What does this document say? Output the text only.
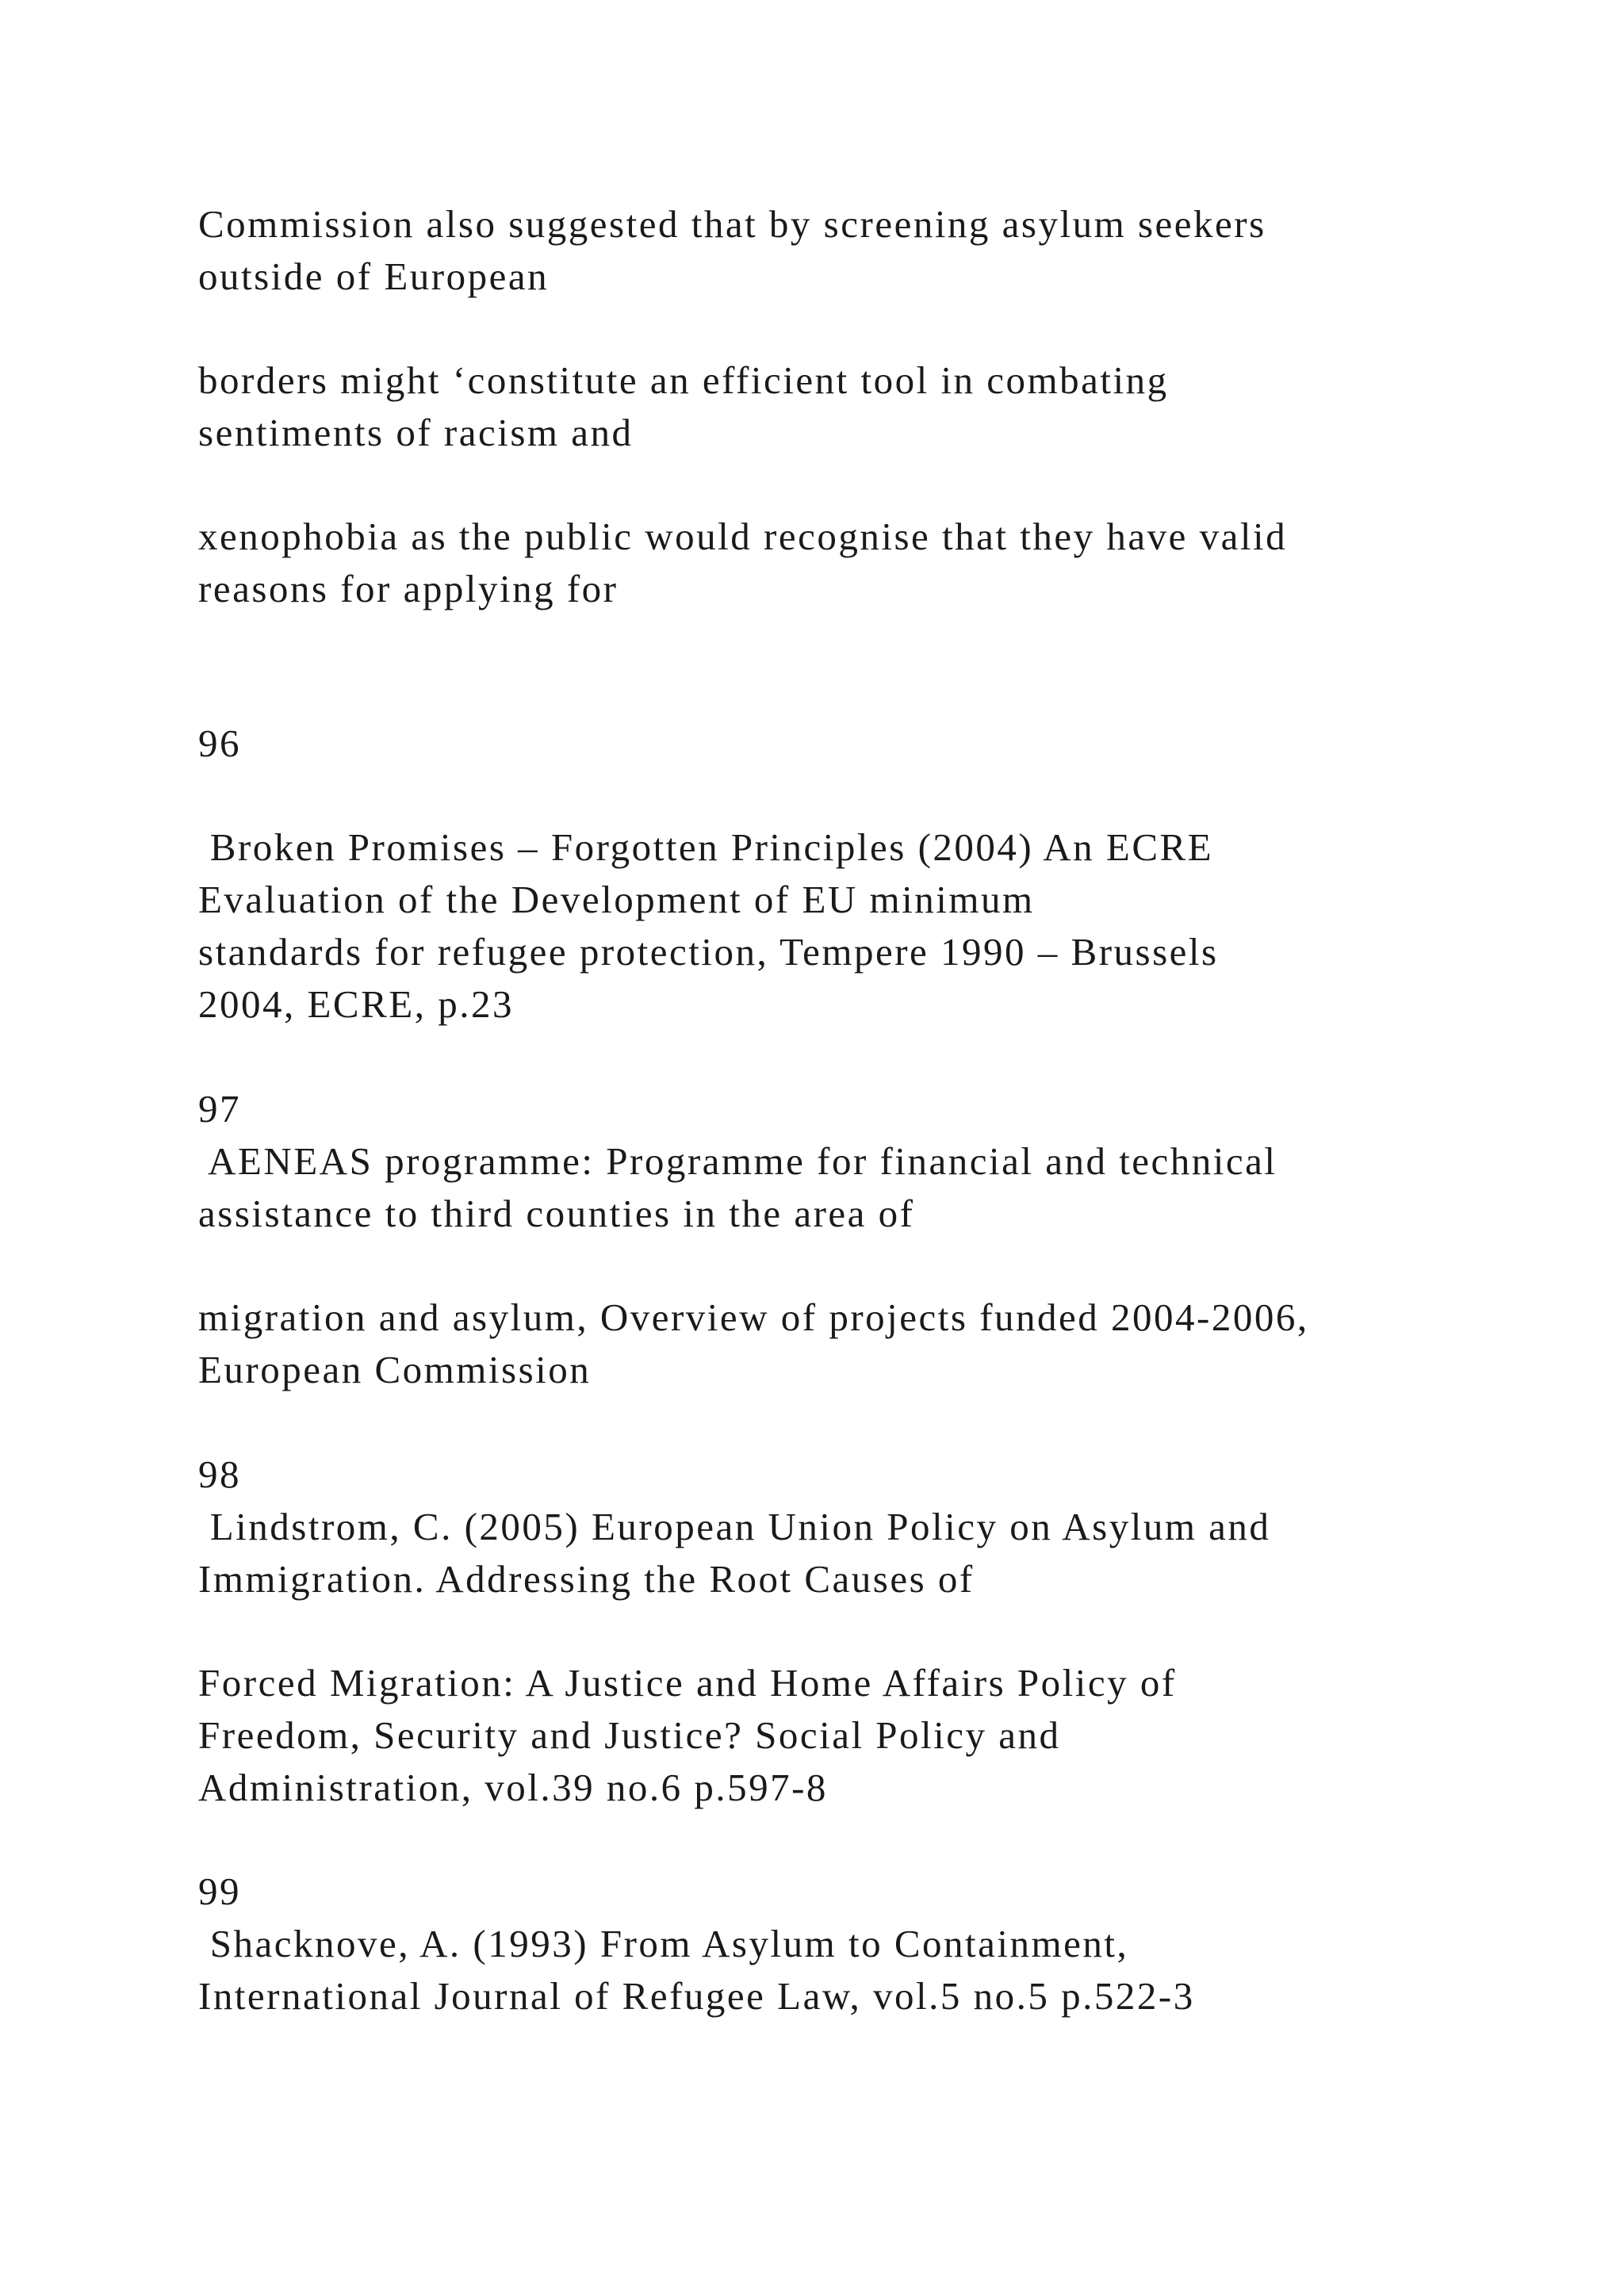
Commission also suggested that by screening asylum seekers

outside of European

borders might ‘constitute an efficient tool in combating

sentiments of racism and

xenophobia as the public would recognise that they have valid

reasons for applying for

96

Broken Promises – Forgotten Principles (2004) An ECRE

Evaluation of the Development of EU minimum

standards for refugee protection, Tempere 1990 – Brussels

2004, ECRE, p.23

97

AENEAS programme: Programme for financial and technical

assistance to third counties in the area of

migration and asylum, Overview of projects funded 2004-2006,

European Commission

98

Lindstrom, C. (2005) European Union Policy on Asylum and

Immigration. Addressing the Root Causes of

Forced Migration: A Justice and Home Affairs Policy of

Freedom, Security and Justice? Social Policy and

Administration, vol.39 no.6 p.597-8

99

Shacknove, A. (1993) From Asylum to Containment,

International Journal of Refugee Law, vol.5 no.5 p.522-3
